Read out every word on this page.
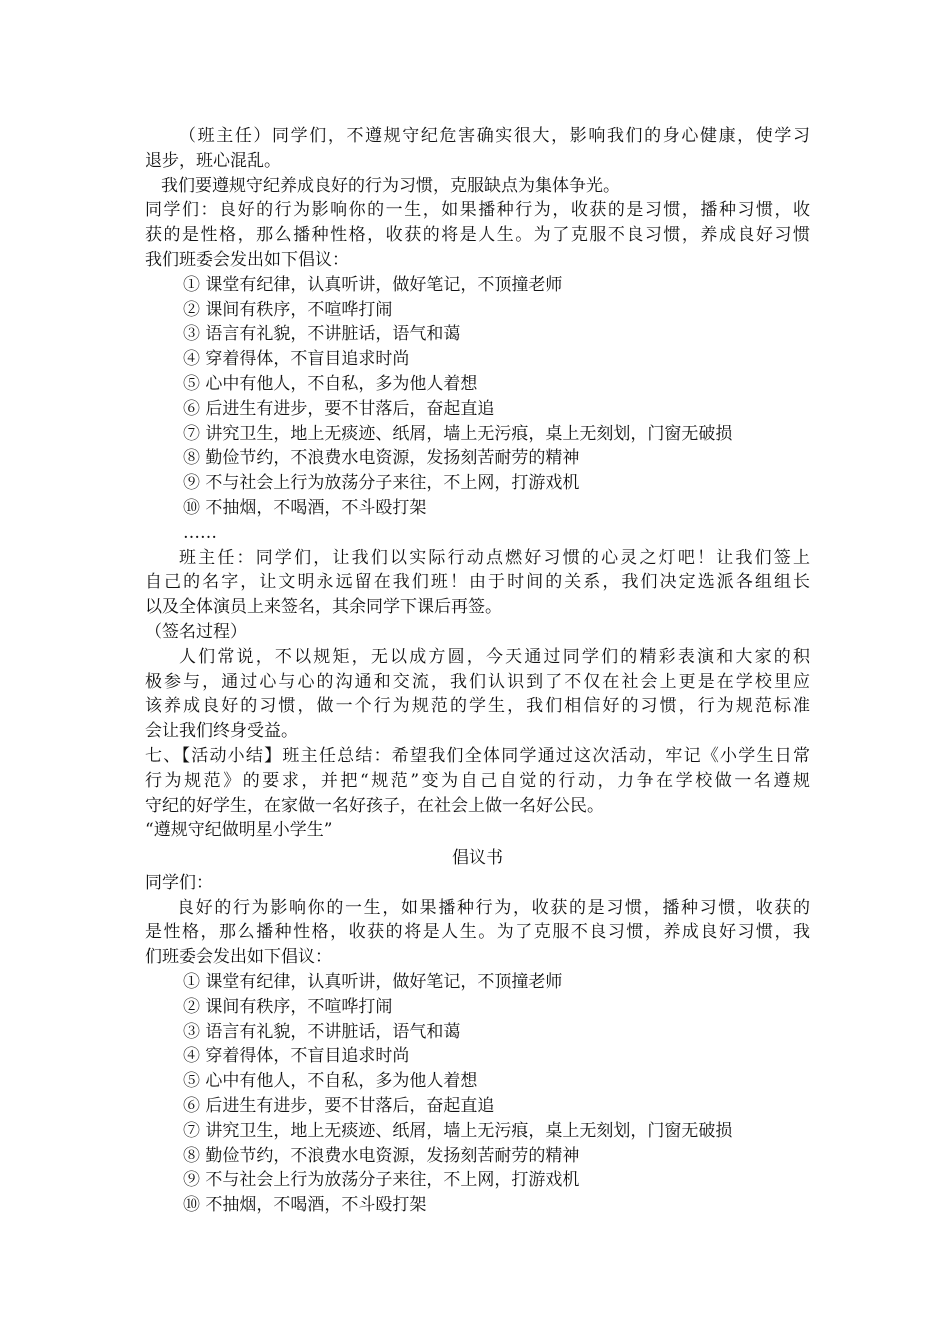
（班主任）同学们，不遵规守纪危害确实很大，影响我们的身心健康，使学习
退步，班心混乱。
我们要遵规守纪养成良好的行为习惯，克服缺点为集体争光。
同学们：良好的行为影响你的一生，如果播种行为，收获的是习惯，播种习惯，收
获的是性格，那么播种性格，收获的将是人生。为了克服不良习惯，养成良好习惯
我们班委会发出如下倡议：
① 课堂有纪律，认真听讲，做好笔记，不顶撞老师
② 课间有秩序，不喧哗打闹
③ 语言有礼貌，不讲脏话，语气和蔼
④ 穿着得体，不盲目追求时尚
⑤ 心中有他人，不自私，多为他人着想
⑥ 后进生有进步，要不甘落后，奋起直追
⑦ 讲究卫生，地上无痰迹、纸屑，墙上无污痕，桌上无刻划，门窗无破损
⑧ 勤俭节约，不浪费水电资源，发扬刻苦耐劳的精神
⑨ 不与社会上行为放荡分子来往，不上网，打游戏机
⑩ 不抽烟，不喝酒，不斗殴打架
……
班主任：同学们，让我们以实际行动点燃好习惯的心灵之灯吧！让我们签上
自己的名字，让文明永远留在我们班！由于时间的关系，我们决定选派各组组长
以及全体演员上来签名，其余同学下课后再签。
（签名过程）
人们常说，不以规矩，无以成方圆，今天通过同学们的精彩表演和大家的积
极参与，通过心与心的沟通和交流，我们认识到了不仅在社会上更是在学校里应
该养成良好的习惯，做一个行为规范的学生，我们相信好的习惯，行为规范标准
会让我们终身受益。
七、【活动小结】班主任总结：希望我们全体同学通过这次活动，牢记《小学生日常
行为规范》的要求，并把“规范”变为自己自觉的行动，力争在学校做一名遵规
守纪的好学生，在家做一名好孩子，在社会上做一名好公民。
“遵规守纪做明星小学生”
倡议书
同学们：
良好的行为影响你的一生，如果播种行为，收获的是习惯，播种习惯，收获的
是性格，那么播种性格，收获的将是人生。为了克服不良习惯，养成良好习惯，我
们班委会发出如下倡议：
① 课堂有纪律，认真听讲，做好笔记，不顶撞老师
② 课间有秩序，不喧哗打闹
③ 语言有礼貌，不讲脏话，语气和蔼
④ 穿着得体，不盲目追求时尚
⑤ 心中有他人，不自私，多为他人着想
⑥ 后进生有进步，要不甘落后，奋起直追
⑦ 讲究卫生，地上无痰迹、纸屑，墙上无污痕，桌上无刻划，门窗无破损
⑧ 勤俭节约，不浪费水电资源，发扬刻苦耐劳的精神
⑨ 不与社会上行为放荡分子来往，不上网，打游戏机
⑩ 不抽烟，不喝酒，不斗殴打架
